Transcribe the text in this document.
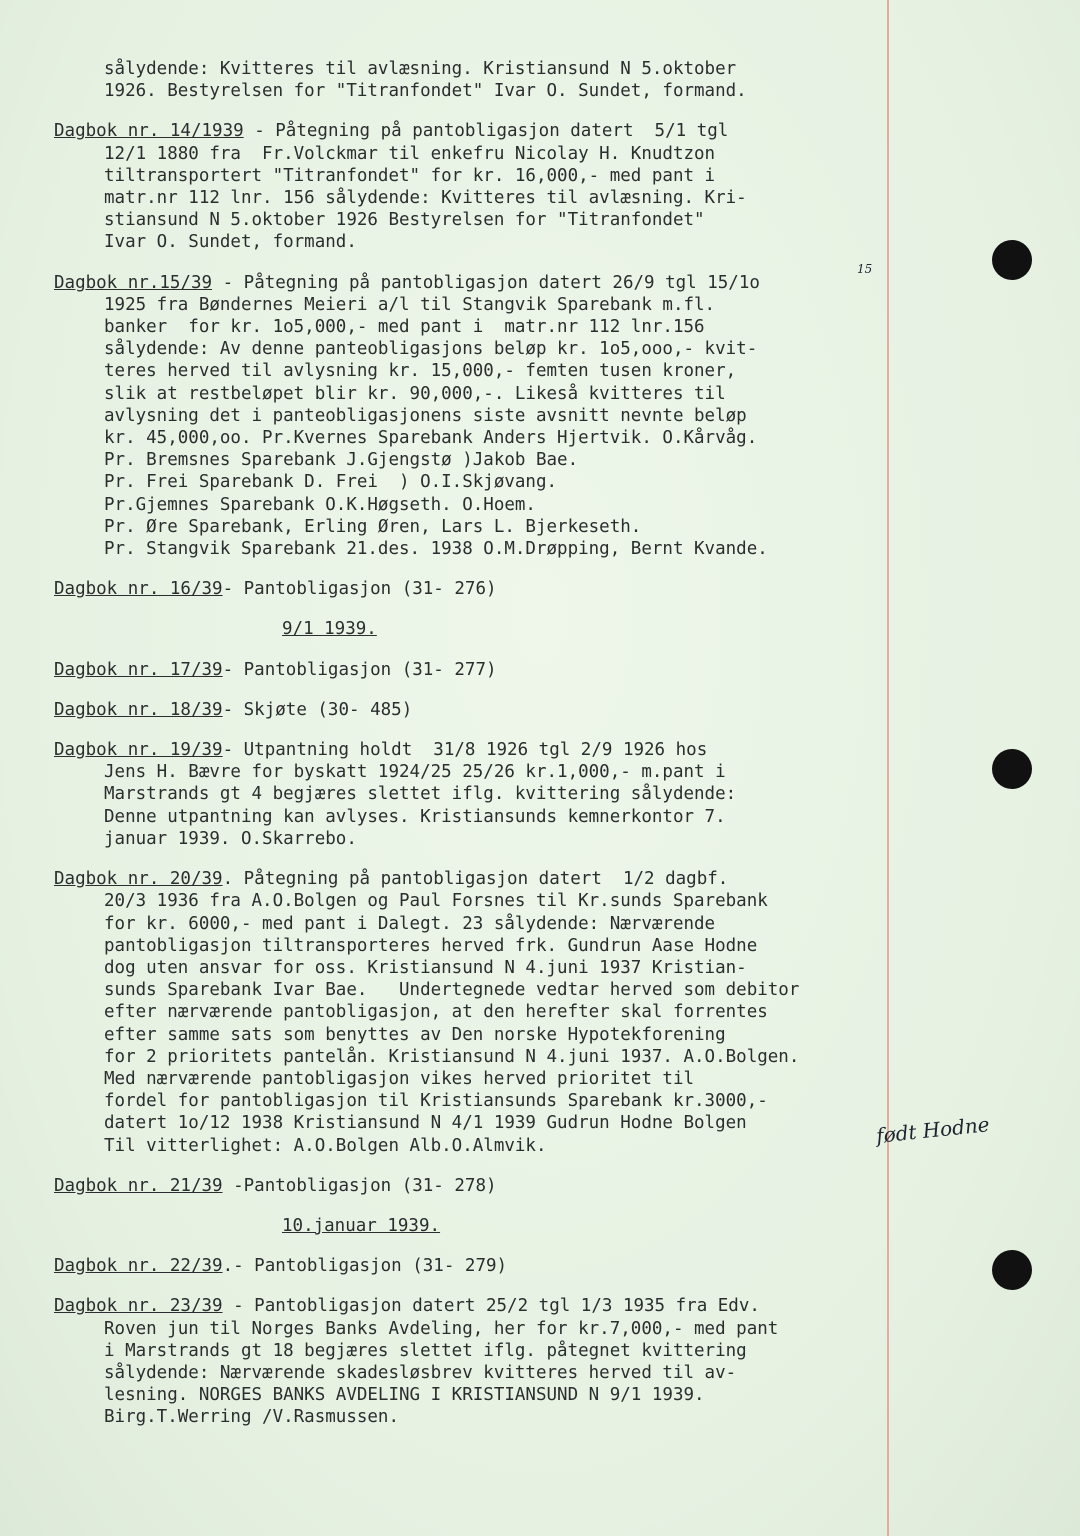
15
født Hodne
sålydende: Kvitteres til avlæsning. Kristiansund N 5.oktober
1926. Bestyrelsen for "Titranfondet" Ivar O. Sundet, formand.
Dagbok nr. 14/1939 - Påtegning på pantobligasjon datert  5/1 tgl
12/1 1880 fra  Fr.Volckmar til enkefru Nicolay H. Knudtzon
tiltransportert "Titranfondet" for kr. 16,000,- med pant i
matr.nr 112 lnr. 156 sålydende: Kvitteres til avlæsning. Kri-
stiansund N 5.oktober 1926 Bestyrelsen for "Titranfondet"
Ivar O. Sundet, formand.
Dagbok nr.15/39 - Påtegning på pantobligasjon datert 26/9 tgl 15/1o
1925 fra Bøndernes Meieri a/l til Stangvik Sparebank m.fl.
banker  for kr. 1o5,000,- med pant i  matr.nr 112 lnr.156
sålydende: Av denne panteobligasjons beløp kr. 1o5,ooo,- kvit-
teres herved til avlysning kr. 15,000,- femten tusen kroner,
slik at restbeløpet blir kr. 90,000,-. Likeså kvitteres til
avlysning det i panteobligasjonens siste avsnitt nevnte beløp
kr. 45,000,oo. Pr.Kvernes Sparebank Anders Hjertvik. O.Kårvåg.
Pr. Bremsnes Sparebank J.Gjengstø )Jakob Bae.
Pr. Frei Sparebank D. Frei  ) O.I.Skjøvang.
Pr.Gjemnes Sparebank O.K.Høgseth. O.Hoem.
Pr. Øre Sparebank, Erling Øren, Lars L. Bjerkeseth.
Pr. Stangvik Sparebank 21.des. 1938 O.M.Drøpping, Bernt Kvande.
Dagbok nr. 16/39- Pantobligasjon (31- 276)
9/1 1939.
Dagbok nr. 17/39- Pantobligasjon (31- 277)
Dagbok nr. 18/39- Skjøte (30- 485)
Dagbok nr. 19/39- Utpantning holdt  31/8 1926 tgl 2/9 1926 hos
Jens H. Bævre for byskatt 1924/25 25/26 kr.1,000,- m.pant i
Marstrands gt 4 begjæres slettet iflg. kvittering sålydende:
Denne utpantning kan avlyses. Kristiansunds kemnerkontor 7.
januar 1939. O.Skarrebo.
Dagbok nr. 20/39. Påtegning på pantobligasjon datert  1/2 dagbf.
20/3 1936 fra A.O.Bolgen og Paul Forsnes til Kr.sunds Sparebank
for kr. 6000,- med pant i Dalegt. 23 sålydende: Nærværende
pantobligasjon tiltransporteres herved frk. Gundrun Aase Hodne
dog uten ansvar for oss. Kristiansund N 4.juni 1937 Kristian-
sunds Sparebank Ivar Bae.   Undertegnede vedtar herved som debitor
efter nærværende pantobligasjon, at den herefter skal forrentes
efter samme sats som benyttes av Den norske Hypotekforening
for 2 prioritets pantelån. Kristiansund N 4.juni 1937. A.O.Bolgen.
Med nærværende pantobligasjon vikes herved prioritet til
fordel for pantobligasjon til Kristiansunds Sparebank kr.3000,-
datert 1o/12 1938 Kristiansund N 4/1 1939 Gudrun Hodne Bolgen
Til vitterlighet: A.O.Bolgen Alb.O.Almvik.
Dagbok nr. 21/39 -Pantobligasjon (31- 278)
10.januar 1939.
Dagbok nr. 22/39.- Pantobligasjon (31- 279)
Dagbok nr. 23/39 - Pantobligasjon datert 25/2 tgl 1/3 1935 fra Edv.
Roven jun til Norges Banks Avdeling, her for kr.7,000,- med pant
i Marstrands gt 18 begjæres slettet iflg. påtegnet kvittering
sålydende: Nærværende skadesløsbrev kvitteres herved til av-
lesning. NORGES BANKS AVDELING I KRISTIANSUND N 9/1 1939.
Birg.T.Werring /V.Rasmussen.
